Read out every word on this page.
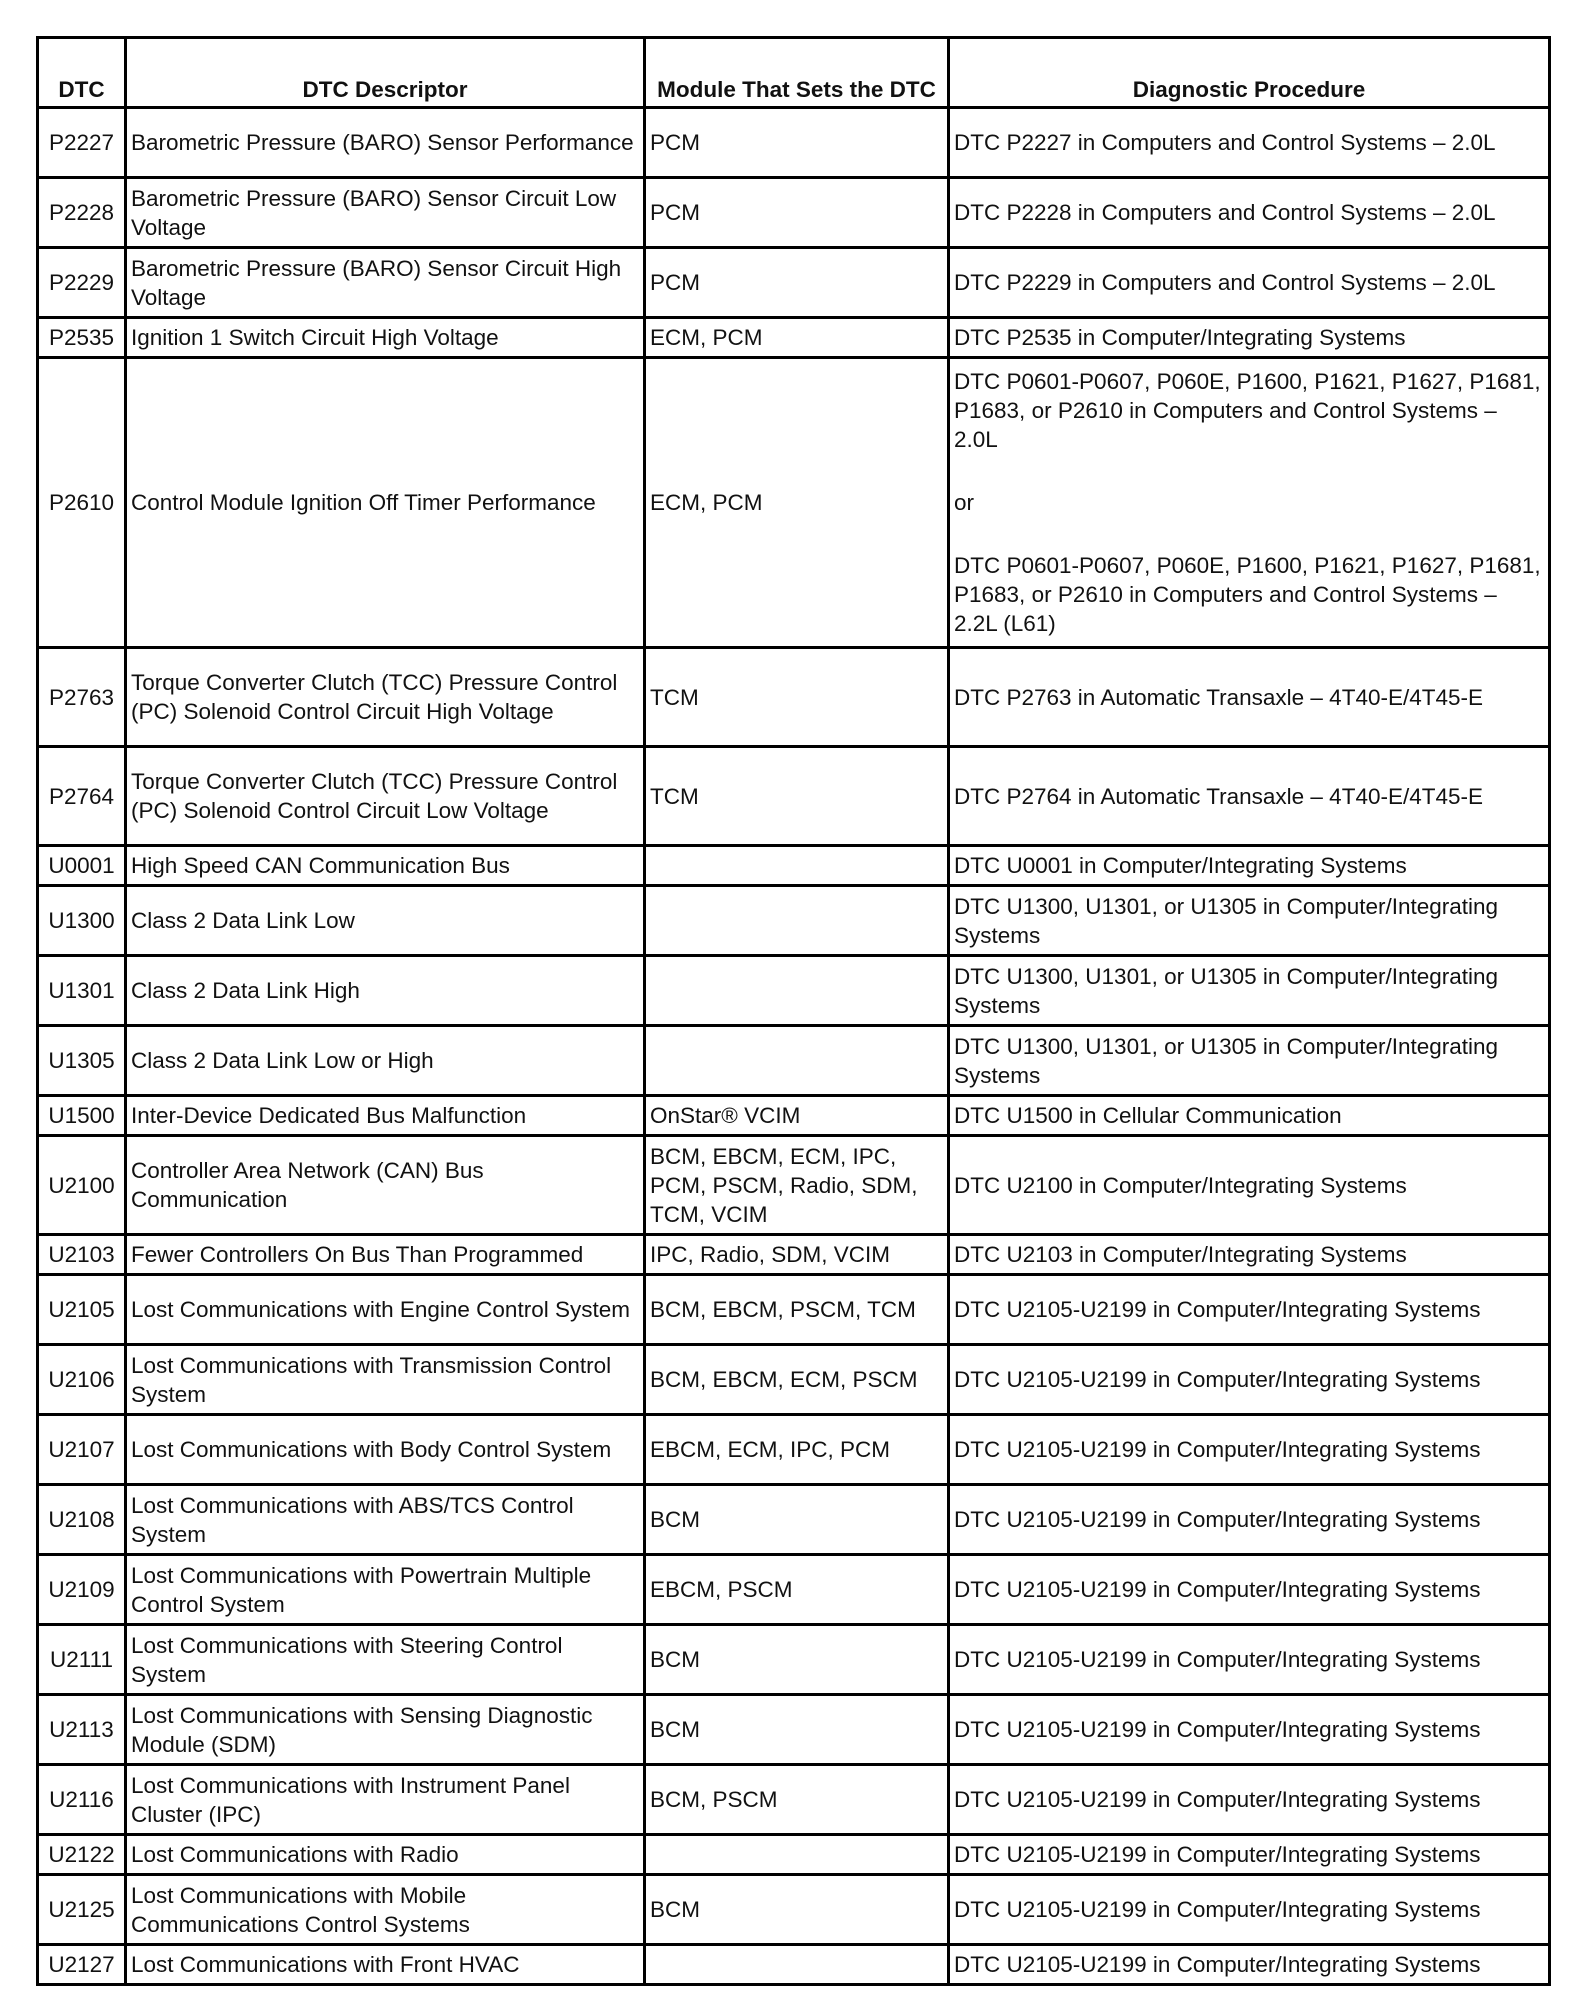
DTC	DTC Descriptor	Module That Sets the DTC	Diagnostic Procedure
P2227	Barometric Pressure (BARO) Sensor Performance	PCM	DTC P2227 in Computers and Control Systems – 2.0L

P2228	Barometric Pressure (BARO) Sensor Circuit Low Voltage	PCM	DTC P2228 in Computers and Control Systems – 2.0L

P2229	Barometric Pressure (BARO) Sensor Circuit High Voltage	PCM	DTC P2229 in Computers and Control Systems – 2.0L

P2535	Ignition 1 Switch Circuit High Voltage	ECM, PCM	DTC P2535 in Computer/Integrating Systems

P2610	Control Module Ignition Off Timer Performance	ECM, PCM	DTC P0601-P0607, P060E, P1600, P1621, P1627, P1681, P1683, or P2610 in Computers and Control Systems – 2.0L
or
DTC P0601-P0607, P060E, P1600, P1621, P1627, P1681, P1683, or P2610 in Computers and Control Systems – 2.2L (L61)

P2763	Torque Converter Clutch (TCC) Pressure Control (PC) Solenoid Control Circuit High Voltage	TCM	DTC P2763 in Automatic Transaxle – 4T40-E/4T45-E

P2764	Torque Converter Clutch (TCC) Pressure Control (PC) Solenoid Control Circuit Low Voltage	TCM	DTC P2764 in Automatic Transaxle – 4T40-E/4T45-E

U0001	High Speed CAN Communication Bus		DTC U0001 in Computer/Integrating Systems

U1300	Class 2 Data Link Low		DTC U1300, U1301, or U1305 in Computer/Integrating Systems

U1301	Class 2 Data Link High		DTC U1300, U1301, or U1305 in Computer/Integrating Systems

U1305	Class 2 Data Link Low or High		DTC U1300, U1301, or U1305 in Computer/Integrating Systems

U1500	Inter-Device Dedicated Bus Malfunction	OnStar® VCIM	DTC U1500 in Cellular Communication

U2100	Controller Area Network (CAN) Bus Communication	BCM, EBCM, ECM, IPC, PCM, PSCM, Radio, SDM, TCM, VCIM	DTC U2100 in Computer/Integrating Systems

U2103	Fewer Controllers On Bus Than Programmed	IPC, Radio, SDM, VCIM	DTC U2103 in Computer/Integrating Systems

U2105	Lost Communications with Engine Control System	BCM, EBCM, PSCM, TCM	DTC U2105-U2199 in Computer/Integrating Systems

U2106	Lost Communications with Transmission Control System	BCM, EBCM, ECM, PSCM	DTC U2105-U2199 in Computer/Integrating Systems

U2107	Lost Communications with Body Control System	EBCM, ECM, IPC, PCM	DTC U2105-U2199 in Computer/Integrating Systems

U2108	Lost Communications with ABS/TCS Control System	BCM	DTC U2105-U2199 in Computer/Integrating Systems

U2109	Lost Communications with Powertrain Multiple Control System	EBCM, PSCM	DTC U2105-U2199 in Computer/Integrating Systems

U2111	Lost Communications with Steering Control System	BCM	DTC U2105-U2199 in Computer/Integrating Systems

U2113	Lost Communications with Sensing Diagnostic Module (SDM)	BCM	DTC U2105-U2199 in Computer/Integrating Systems

U2116	Lost Communications with Instrument Panel Cluster (IPC)	BCM, PSCM	DTC U2105-U2199 in Computer/Integrating Systems

U2122	Lost Communications with Radio		DTC U2105-U2199 in Computer/Integrating Systems

U2125	Lost Communications with Mobile Communications Control Systems	BCM	DTC U2105-U2199 in Computer/Integrating Systems

U2127	Lost Communications with Front HVAC		DTC U2105-U2199 in Computer/Integrating Systems
